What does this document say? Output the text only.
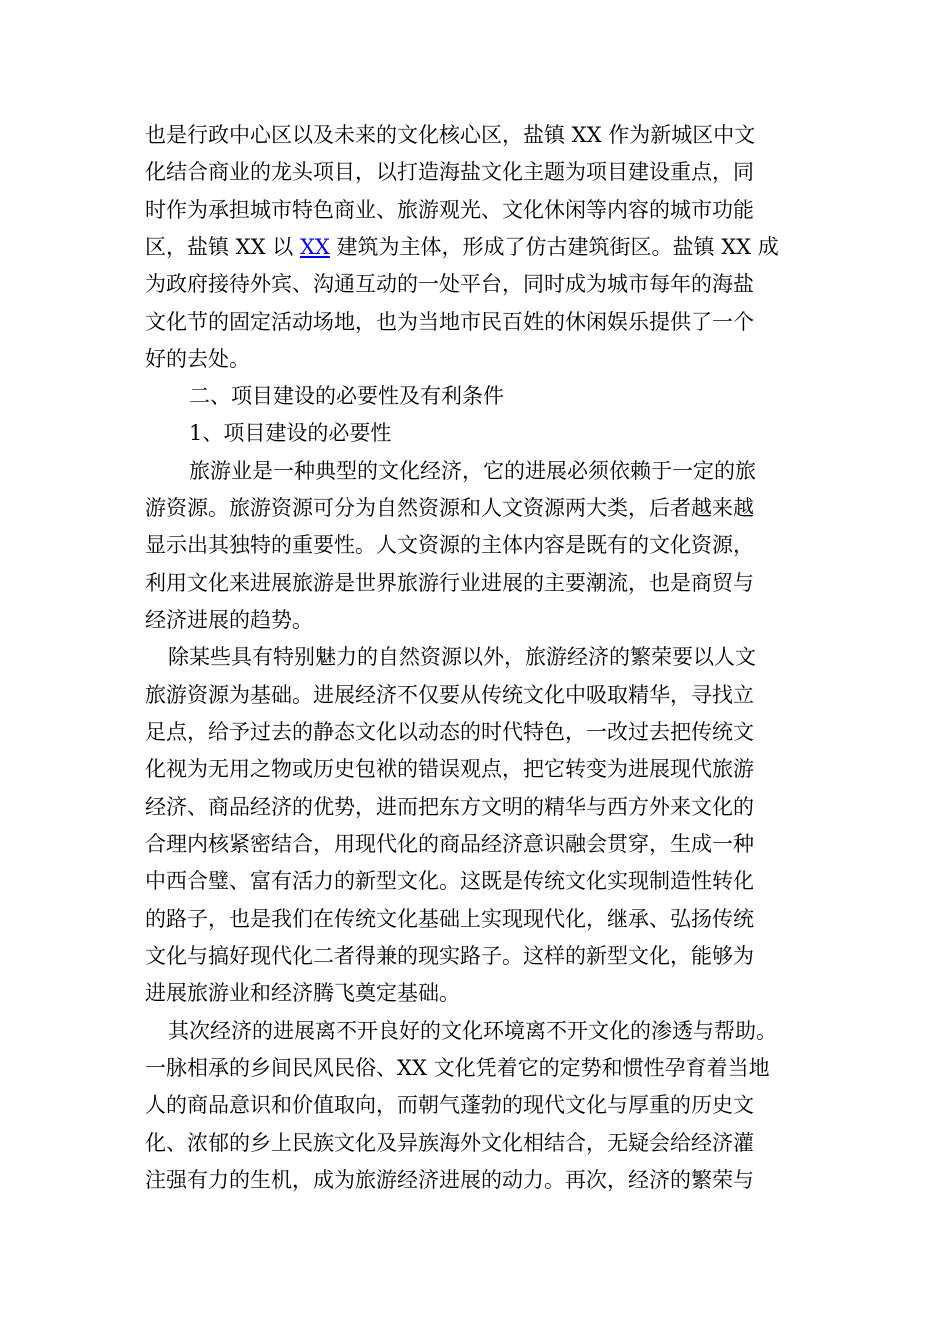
也是行政中心区以及未来的文化核心区，盐镇 XX 作为新城区中文
化结合商业的龙头项目，以打造海盐文化主题为项目建设重点，同
时作为承担城市特色商业、旅游观光、文化休闲等内容的城市功能
区，盐镇 XX 以 XX 建筑为主体，形成了仿古建筑街区。盐镇 XX 成
为政府接待外宾、沟通互动的一处平台，同时成为城市每年的海盐
文化节的固定活动场地，也为当地市民百姓的休闲娱乐提供了一个
好的去处。
二、项目建设的必要性及有利条件
1、项目建设的必要性
旅游业是一种典型的文化经济，它的进展必须依赖于一定的旅
游资源。旅游资源可分为自然资源和人文资源两大类，后者越来越
显示出其独特的重要性。人文资源的主体内容是既有的文化资源，
利用文化来进展旅游是世界旅游行业进展的主要潮流，也是商贸与
经济进展的趋势。
除某些具有特别魅力的自然资源以外，旅游经济的繁荣要以人文
旅游资源为基础。进展经济不仅要从传统文化中吸取精华，寻找立
足点，给予过去的静态文化以动态的时代特色，一改过去把传统文
化视为无用之物或历史包袱的错误观点，把它转变为进展现代旅游
经济、商品经济的优势，进而把东方文明的精华与西方外来文化的
合理内核紧密结合，用现代化的商品经济意识融会贯穿，生成一种
中西合璧、富有活力的新型文化。这既是传统文化实现制造性转化
的路子，也是我们在传统文化基础上实现现代化，继承、弘扬传统
文化与搞好现代化二者得兼的现实路子。这样的新型文化，能够为
进展旅游业和经济腾飞奠定基础。
其次经济的进展离不开良好的文化环境离不开文化的渗透与帮助。
一脉相承的乡间民风民俗、XX 文化凭着它的定势和惯性孕育着当地
人的商品意识和价值取向，而朝气蓬勃的现代文化与厚重的历史文
化、浓郁的乡上民族文化及异族海外文化相结合，无疑会给经济灌
注强有力的生机，成为旅游经济进展的动力。再次，经济的繁荣与
